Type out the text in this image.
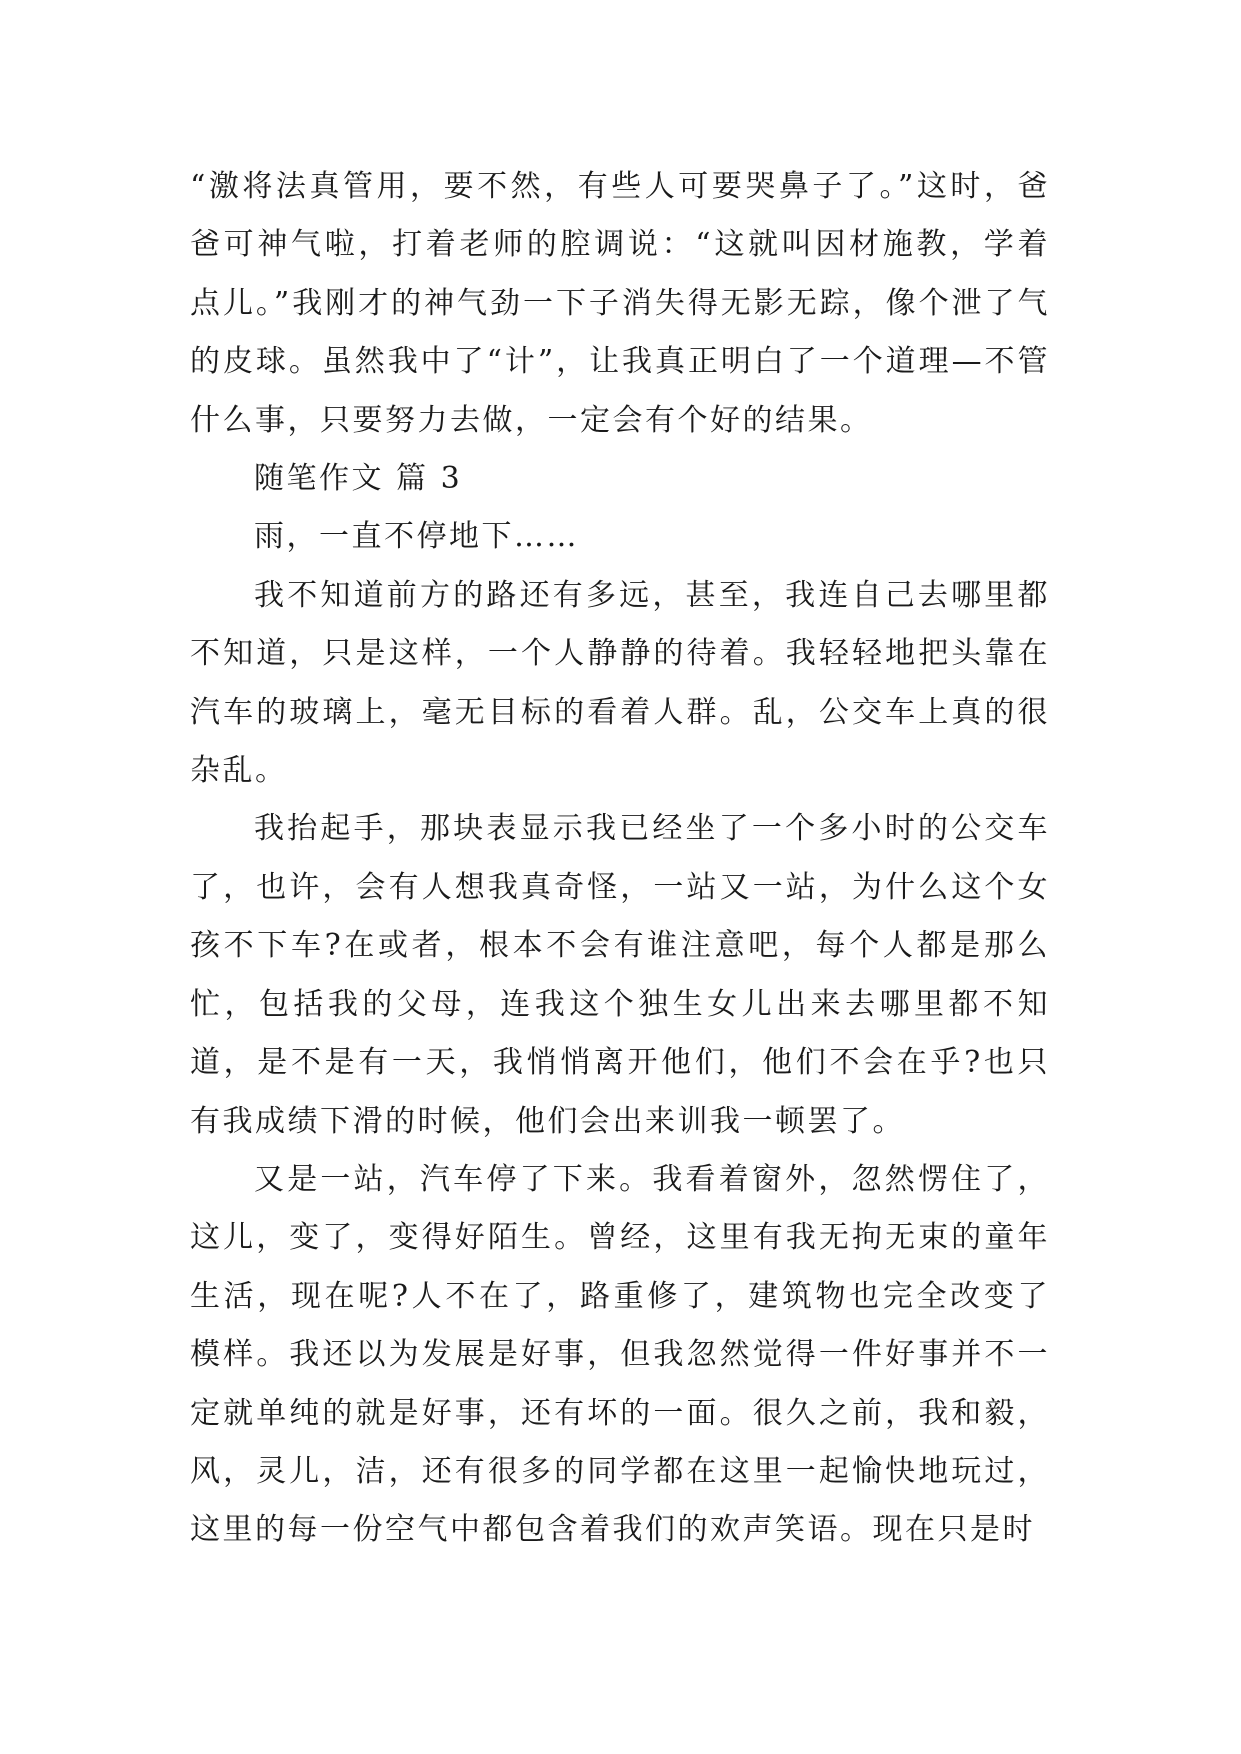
“激将法真管用，要不然，有些人可要哭鼻子了。”这时，爸爸可神气啦，打着老师的腔调说：“这就叫因材施教，学着点儿。”我刚才的神气劲一下子消失得无影无踪，像个泄了气的皮球。虽然我中了“计”，让我真正明白了一个道理—不管什么事，只要努力去做，一定会有个好的结果。

随笔作文 篇 3

雨，一直不停地下……

我不知道前方的路还有多远，甚至，我连自己去哪里都不知道，只是这样，一个人静静的待着。我轻轻地把头靠在汽车的玻璃上，毫无目标的看着人群。乱，公交车上真的很杂乱。

我抬起手，那块表显示我已经坐了一个多小时的公交车了，也许，会有人想我真奇怪，一站又一站，为什么这个女孩不下车?在或者，根本不会有谁注意吧，每个人都是那么忙，包括我的父母，连我这个独生女儿出来去哪里都不知道，是不是有一天，我悄悄离开他们，他们不会在乎?也只有我成绩下滑的时候，他们会出来训我一顿罢了。

又是一站，汽车停了下来。我看着窗外，忽然愣住了，这儿，变了，变得好陌生。曾经，这里有我无拘无束的童年生活，现在呢?人不在了，路重修了，建筑物也完全改变了模样。我还以为发展是好事，但我忽然觉得一件好事并不一定就单纯的就是好事，还有坏的一面。很久之前，我和毅，风，灵儿，洁，还有很多的同学都在这里一起愉快地玩过，这里的每一份空气中都包含着我们的欢声笑语。现在只是时
